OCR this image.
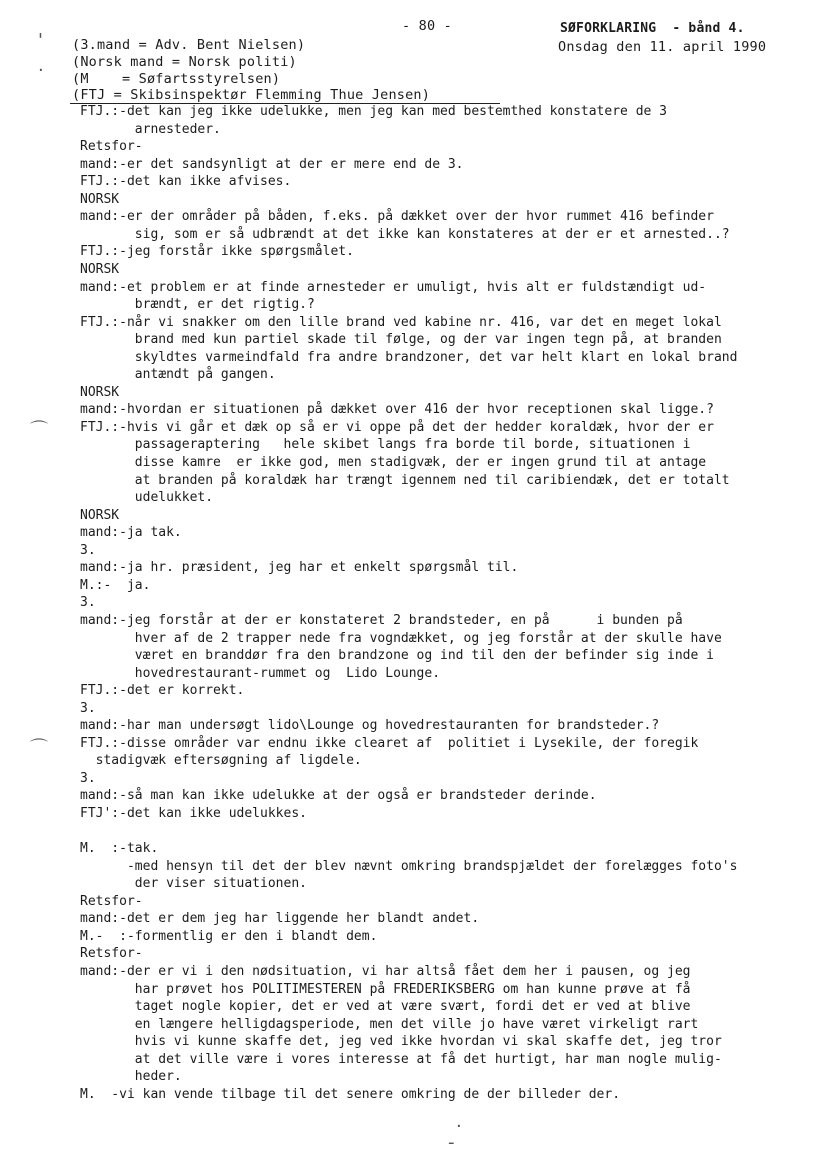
- 80 -	SØFORKLARING  - bånd 4.
Onsdag den 11. april 1990
(3.mand = Adv. Bent Nielsen)
(Norsk mand = Norsk politi)
(M    = Søfartsstyrelsen)
(FTJ = Skibsinspektør Flemming Thue Jensen)
'
·
⌒
⌒
FTJ.:-det kan jeg ikke udelukke, men jeg kan med bestemthed konstatere de 3
arnesteder.
Retsfor-
mand:-er det sandsynligt at der er mere end de 3.
FTJ.:-det kan ikke afvises.
NORSK
mand:-er der områder på båden, f.eks. på dækket over der hvor rummet 416 befinder
sig, som er så udbrændt at det ikke kan konstateres at der er et arnested..?
FTJ.:-jeg forstår ikke spørgsmålet.
NORSK
mand:-et problem er at finde arnesteder er umuligt, hvis alt er fuldstændigt ud-
brændt, er det rigtig.?
FTJ.:-når vi snakker om den lille brand ved kabine nr. 416, var det en meget lokal
brand med kun partiel skade til følge, og der var ingen tegn på, at branden
skyldtes varmeindfald fra andre brandzoner, det var helt klart en lokal brand
antændt på gangen.
NORSK
mand:-hvordan er situationen på dækket over 416 der hvor receptionen skal ligge.?
FTJ.:-hvis vi går et dæk op så er vi oppe på det der hedder koraldæk, hvor der er
passageraptering   hele skibet langs fra borde til borde, situationen i
disse kamre  er ikke god, men stadigvæk, der er ingen grund til at antage
at branden på koraldæk har trængt igennem ned til caribiendæk, det er totalt
udelukket.
NORSK
mand:-ja tak.
3.
mand:-ja hr. præsident, jeg har et enkelt spørgsmål til.
M.:-  ja.
3.
mand:-jeg forstår at der er konstateret 2 brandsteder, en på      i bunden på
hver af de 2 trapper nede fra vogndækket, og jeg forstår at der skulle have
været en branddør fra den brandzone og ind til den der befinder sig inde i
hovedrestaurant-rummet og  Lido Lounge.
FTJ.:-det er korrekt.
3.
mand:-har man undersøgt lido\Lounge og hovedrestauranten for brandsteder.?
FTJ.:-disse områder var endnu ikke clearet af  politiet i Lysekile, der foregik
stadigvæk eftersøgning af ligdele.
3.
mand:-så man kan ikke udelukke at der også er brandsteder derinde.
FTJ':-det kan ikke udelukkes.
M.  :-tak.
-med hensyn til det der blev nævnt omkring brandspjældet der forelægges foto's
der viser situationen.
Retsfor-
mand:-det er dem jeg har liggende her blandt andet.
M.-  :-formentlig er den i blandt dem.
Retsfor-
mand:-der er vi i den nødsituation, vi har altså fået dem her i pausen, og jeg
har prøvet hos POLITIMESTEREN på FREDERIKSBERG om han kunne prøve at få
taget nogle kopier, det er ved at være svært, fordi det er ved at blive
en længere helligdagsperiode, men det ville jo have været virkeligt rart
hvis vi kunne skaffe det, jeg ved ikke hvordan vi skal skaffe det, jeg tror
at det ville være i vores interesse at få det hurtigt, har man nogle mulig-
heder.
M.  -vi kan vende tilbage til det senere omkring de der billeder der.
·
-
